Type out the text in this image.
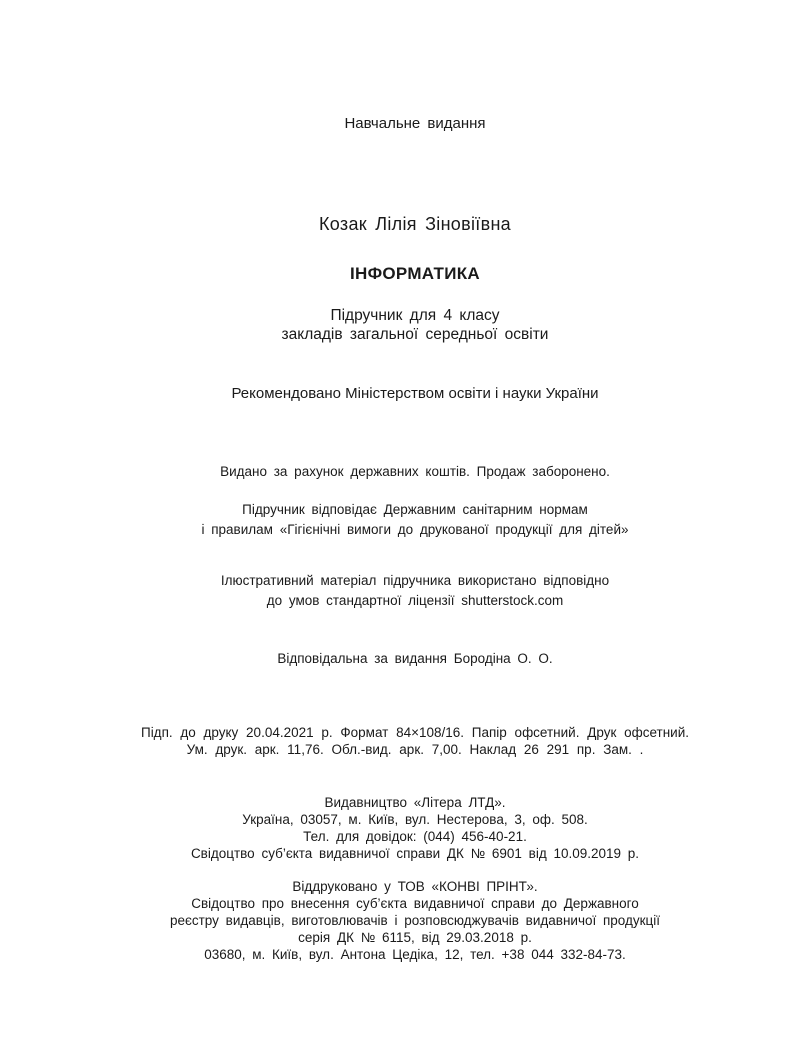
Навчальне видання
Козак Лілія Зіновіївна
ІНФОРМАТИКА
Підручник для 4 класу
закладів загальної середньої освіти
Рекомендовано Міністерством освіти і науки України
Видано за рахунок державних коштів. Продаж заборонено.
Підручник відповідає Державним санітарним нормам
і правилам «Гігієнічні вимоги до друкованої продукції для дітей»
Ілюстративний матеріал підручника використано відповідно
до умов стандартної ліцензії shutterstock.com
Відповідальна за видання Бородіна О. О.
Підп. до друку 20.04.2021 р. Формат 84×108/16. Папір офсетний. Друк офсетний.
Ум. друк. арк. 11,76. Обл.-вид. арк. 7,00. Наклад 26 291 пр. Зам. .
Видавництво «Літера ЛТД».
Україна, 03057, м. Київ, вул. Нестерова, 3, оф. 508.
Тел. для довідок: (044) 456-40-21.
Свідоцтво суб’єкта видавничої справи ДК № 6901 від 10.09.2019 р.
Віддруковано у ТОВ «КОНВІ ПРІНТ».
Свідоцтво про внесення суб’єкта видавничої справи до Державного
реєстру видавців, виготовлювачів і розповсюджувачів видавничої продукції
серія ДК № 6115, від 29.03.2018 р.
03680, м. Київ, вул. Антона Цедіка, 12, тел. +38 044 332-84-73.
